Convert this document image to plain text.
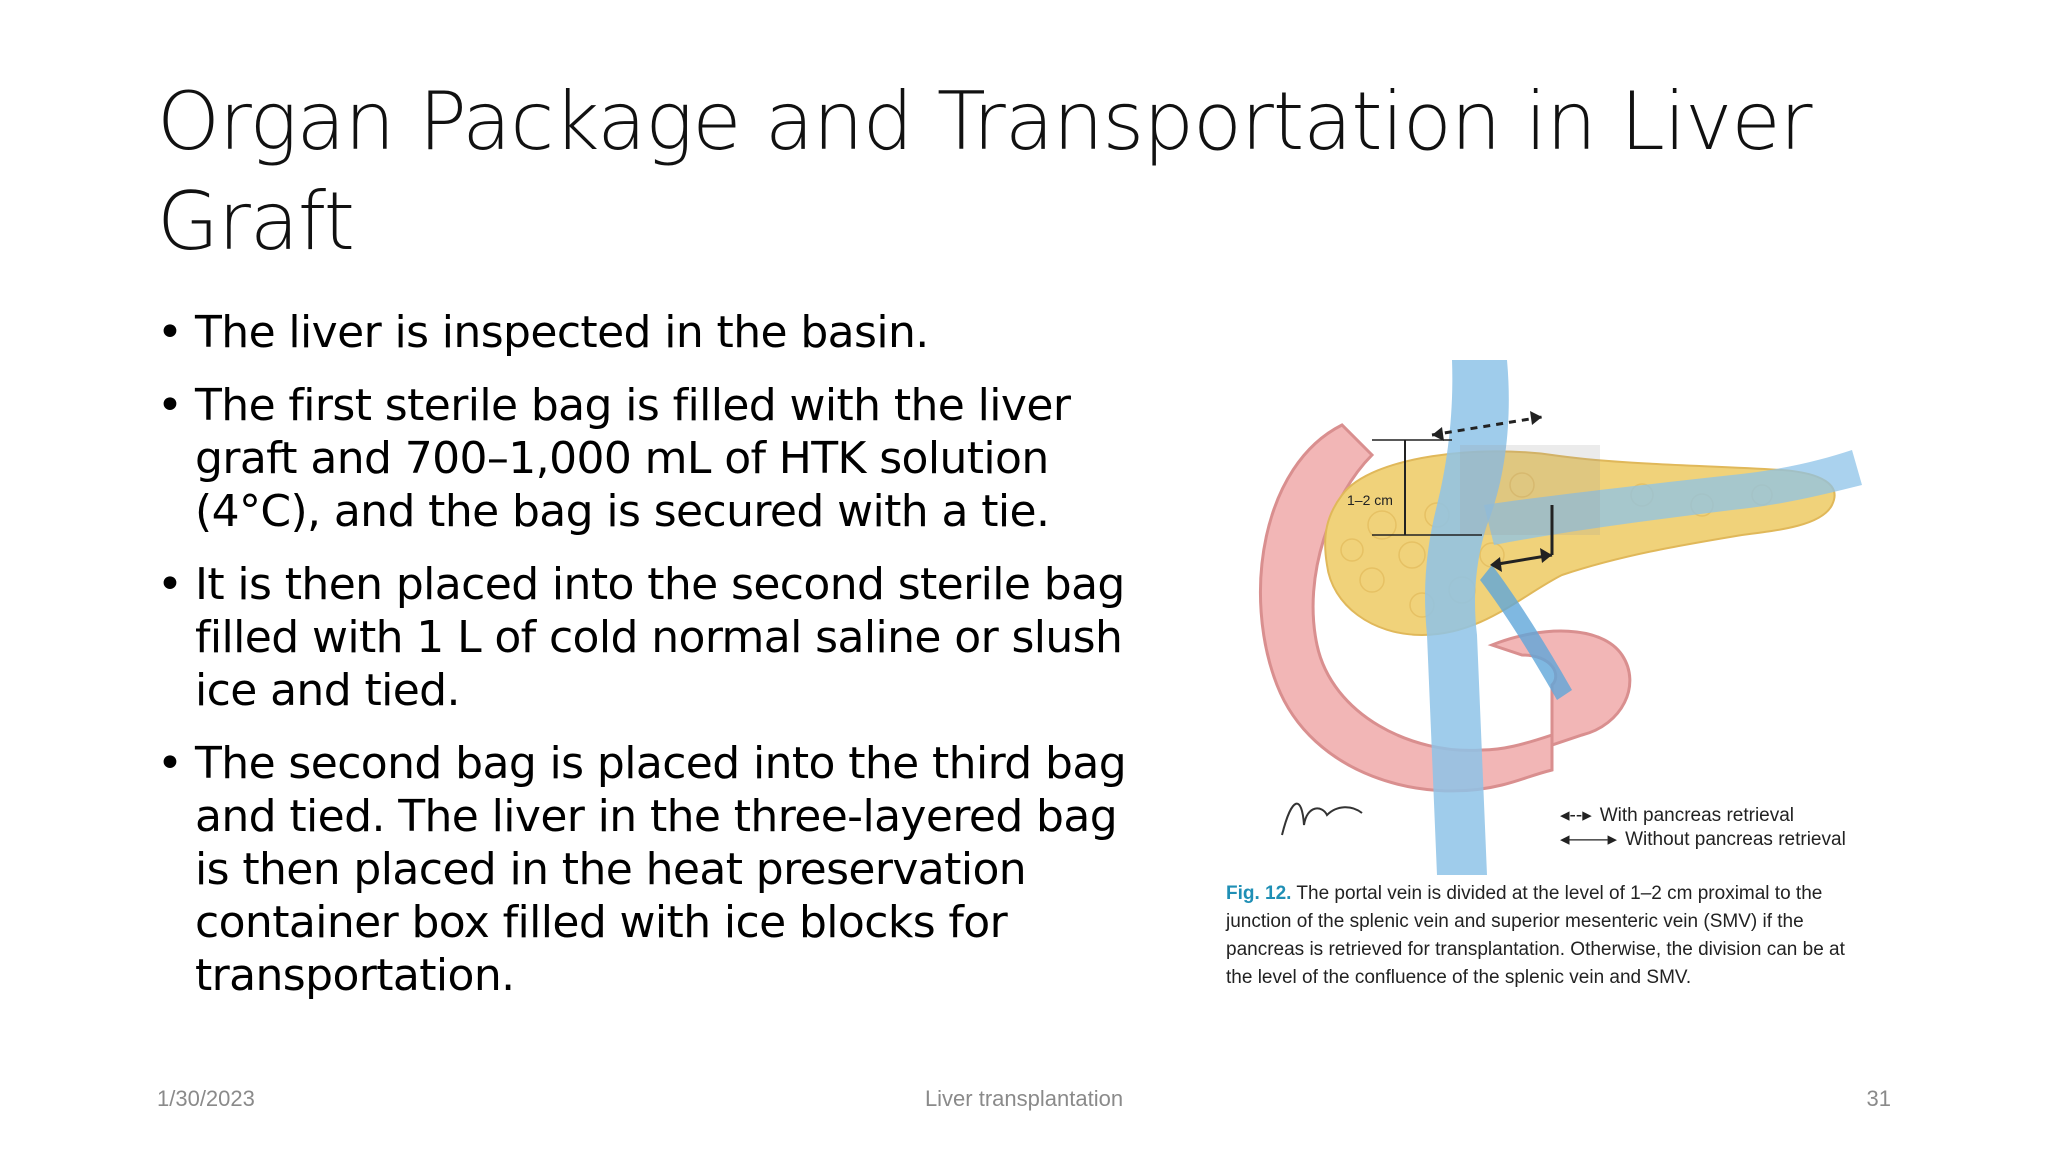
Organ Package and Transportation in Liver Graft
• The liver is inspected in the basin.
• The first sterile bag is filled with the liver graft and 700–1,000 mL of HTK solution (4°C), and the bag is secured with a tie.
• It is then placed into the second sterile bag filled with 1 L of cold normal saline or slush ice and tied.
• The second bag is placed into the third bag and tied. The liver in the three-layered bag is then placed in the heat preservation container box filled with ice blocks for transportation.
1–2 cm
◂‑‑▸ With pancreas retrieval
◂——▸ Without pancreas retrieval
Fig. 12. The portal vein is divided at the level of 1–2 cm proximal to the junction of the splenic vein and superior mesenteric vein (SMV) if the pancreas is retrieved for transplantation. Otherwise, the division can be at the level of the confluence of the splenic vein and SMV.
1/30/2023	Liver transplantation	31
